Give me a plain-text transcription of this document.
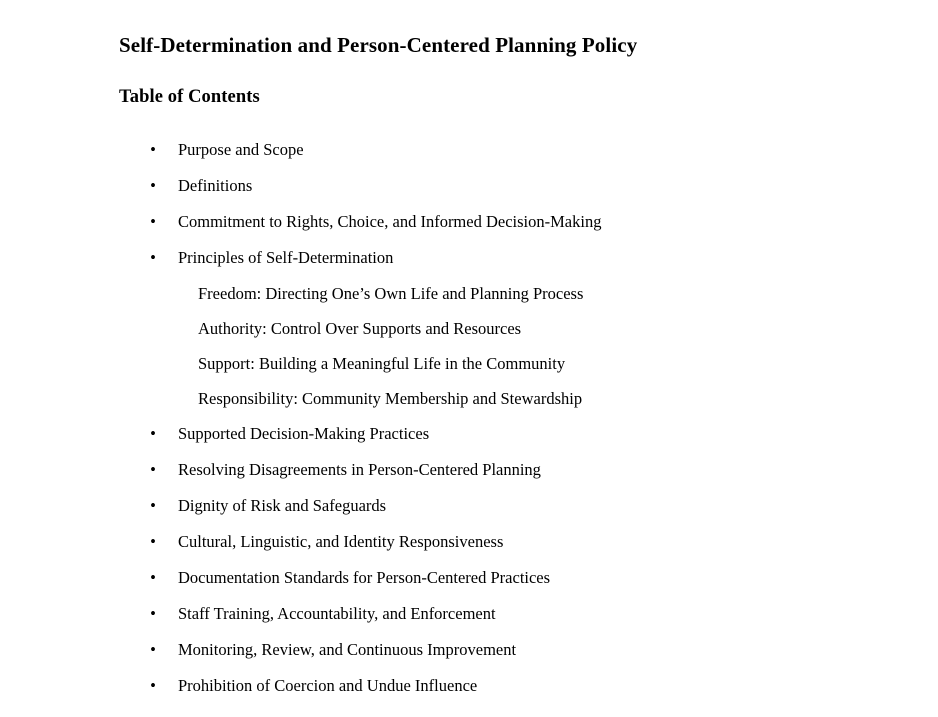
Self-Determination and Person-Centered Planning Policy
Table of Contents
• Purpose and Scope
• Definitions
• Commitment to Rights, Choice, and Informed Decision-Making
• Principles of Self-Determination
Freedom: Directing One’s Own Life and Planning Process
Authority: Control Over Supports and Resources
Support: Building a Meaningful Life in the Community
Responsibility: Community Membership and Stewardship
• Supported Decision-Making Practices
• Resolving Disagreements in Person-Centered Planning
• Dignity of Risk and Safeguards
• Cultural, Linguistic, and Identity Responsiveness
• Documentation Standards for Person-Centered Practices
• Staff Training, Accountability, and Enforcement
• Monitoring, Review, and Continuous Improvement
• Prohibition of Coercion and Undue Influence
